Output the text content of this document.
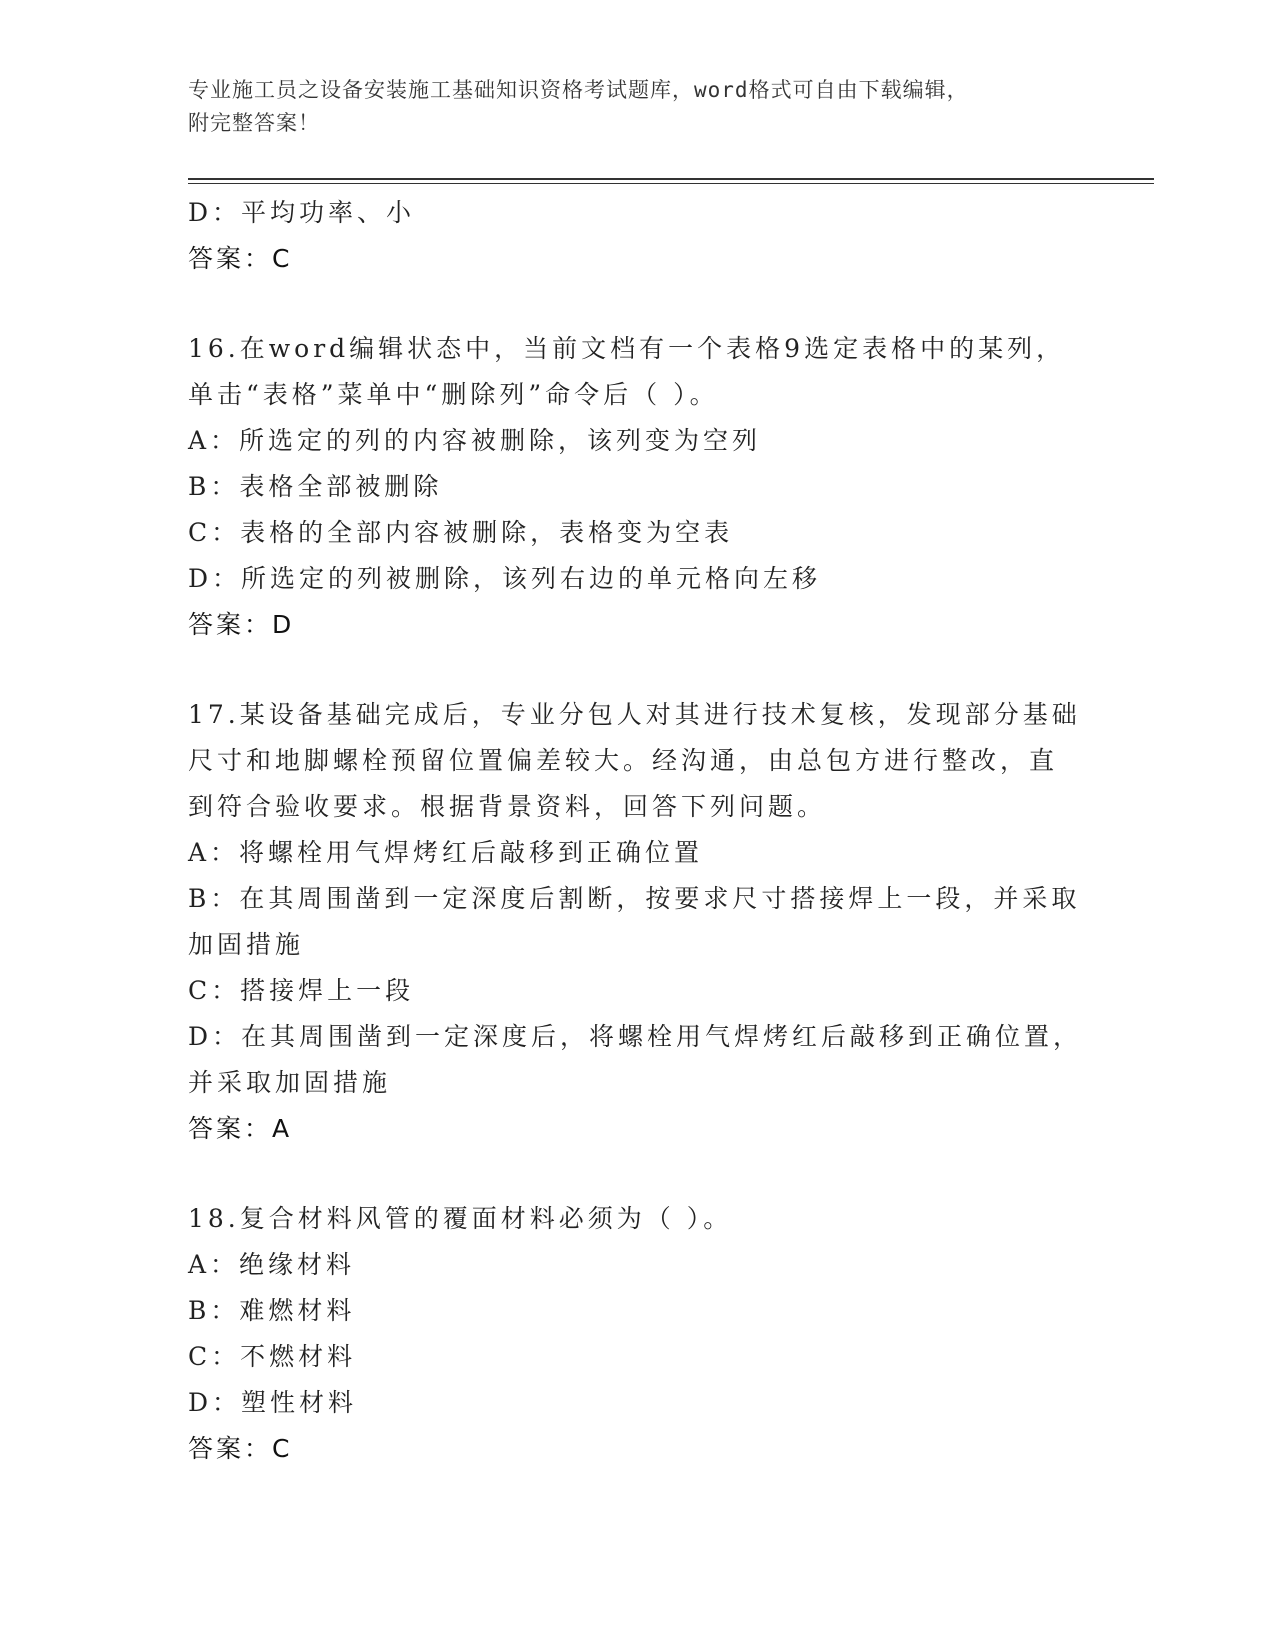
专业施工员之设备安装施工基础知识资格考试题库，word格式可自由下载编辑，
附完整答案！
D：平均功率、小
答案：C
16.在word编辑状态中，当前文档有一个表格9选定表格中的某列，
单击“表格”菜单中“删除列”命令后（ ）。
A：所选定的列的内容被删除，该列变为空列
B：表格全部被删除
C：表格的全部内容被删除，表格变为空表
D：所选定的列被删除，该列右边的单元格向左移
答案：D
17.某设备基础完成后，专业分包人对其进行技术复核，发现部分基础
尺寸和地脚螺栓预留位置偏差较大。经沟通，由总包方进行整改，直
到符合验收要求。根据背景资料，回答下列问题。
A：将螺栓用气焊烤红后敲移到正确位置
B：在其周围凿到一定深度后割断，按要求尺寸搭接焊上一段，并采取
加固措施
C：搭接焊上一段
D：在其周围凿到一定深度后，将螺栓用气焊烤红后敲移到正确位置，
并采取加固措施
答案：A
18.复合材料风管的覆面材料必须为（ ）。
A：绝缘材料
B：难燃材料
C：不燃材料
D：塑性材料
答案：C
